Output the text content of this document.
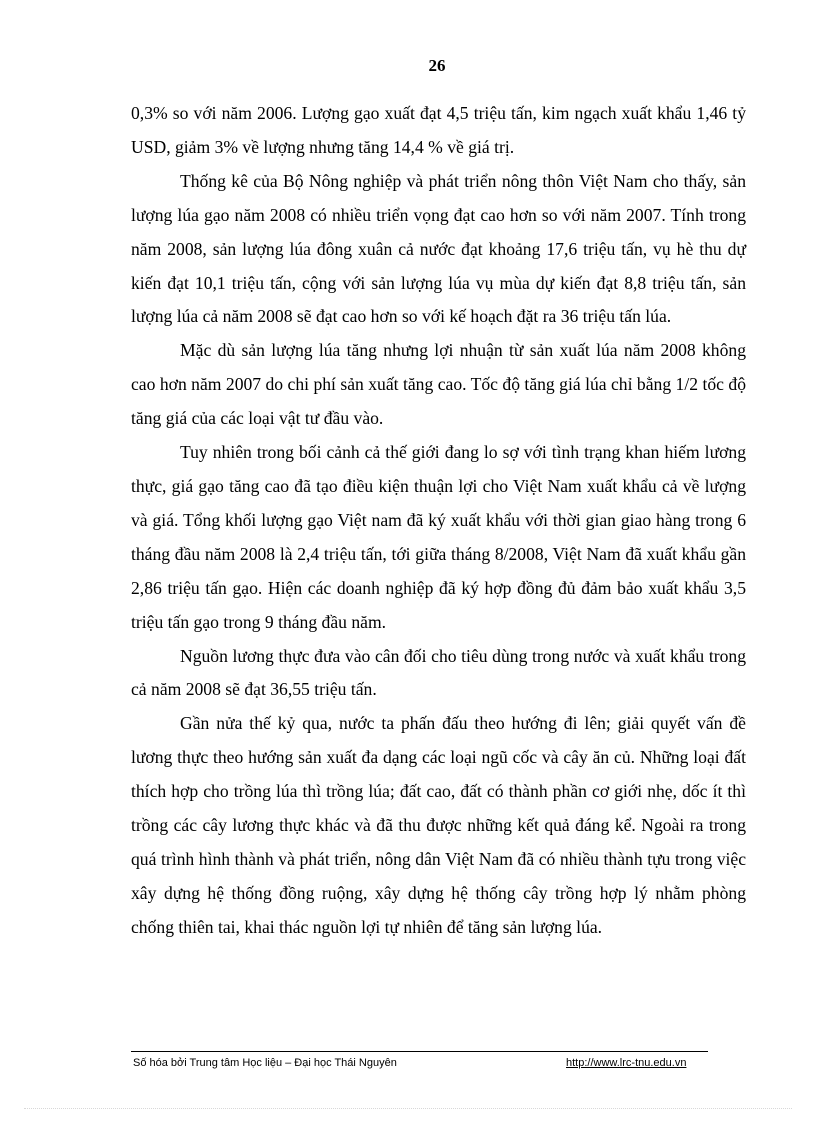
26

0,3% so với năm 2006. Lượng gạo xuất đạt 4,5 triệu tấn, kim ngạch xuất khẩu 1,46 tỷ USD, giảm 3% về lượng nhưng tăng 14,4 % về giá trị.

Thống kê của Bộ Nông nghiệp và phát triển nông thôn Việt Nam cho thấy, sản lượng lúa gạo năm 2008 có nhiều triển vọng đạt cao hơn so với năm 2007. Tính trong năm 2008, sản lượng lúa đông xuân cả nước đạt khoảng 17,6 triệu tấn, vụ hè thu dự kiến đạt 10,1 triệu tấn, cộng với sản lượng lúa vụ mùa dự kiến đạt 8,8 triệu tấn, sản lượng lúa cả năm 2008 sẽ đạt cao hơn so với kế hoạch đặt ra 36 triệu tấn lúa.

Mặc dù sản lượng lúa tăng nhưng lợi nhuận từ sản xuất lúa năm 2008 không cao hơn năm 2007 do chi phí sản xuất tăng cao. Tốc độ tăng giá lúa chỉ bằng 1/2 tốc độ tăng giá của các loại vật tư đầu vào.

Tuy nhiên trong bối cảnh cả thế giới đang lo sợ với tình trạng khan hiếm lương thực, giá gạo tăng cao đã tạo điều kiện thuận lợi cho Việt Nam xuất khẩu cả về lượng và giá. Tổng khối lượng gạo Việt nam đã ký xuất khẩu với thời gian giao hàng trong 6 tháng đầu năm 2008 là 2,4 triệu tấn, tới giữa tháng 8/2008, Việt Nam đã xuất khẩu gần 2,86 triệu tấn gạo. Hiện các doanh nghiệp đã ký hợp đồng đủ đảm bảo xuất khẩu 3,5 triệu tấn gạo trong 9 tháng đầu năm.

Nguồn lương thực đưa vào cân đối cho tiêu dùng trong nước và xuất khẩu trong cả năm 2008 sẽ đạt 36,55 triệu tấn.

Gần nửa thế kỷ qua, nước ta phấn đấu theo hướng đi lên; giải quyết vấn đề lương thực theo hướng sản xuất đa dạng các loại ngũ cốc và cây ăn củ. Những loại đất thích hợp cho trồng lúa thì trồng lúa; đất cao, đất có thành phần cơ giới nhẹ, dốc ít thì trồng các cây lương thực khác và đã thu được những kết quả đáng kể. Ngoài ra trong quá trình hình thành và phát triển, nông dân Việt Nam đã có nhiều thành tựu trong việc xây dựng hệ thống đồng ruộng, xây dựng hệ thống cây trồng hợp lý nhằm phòng chống thiên tai, khai thác nguồn lợi tự nhiên để tăng sản lượng lúa.

Số hóa bởi Trung tâm Học liệu – Đại học Thái Nguyên	http://www.lrc-tnu.edu.vn
